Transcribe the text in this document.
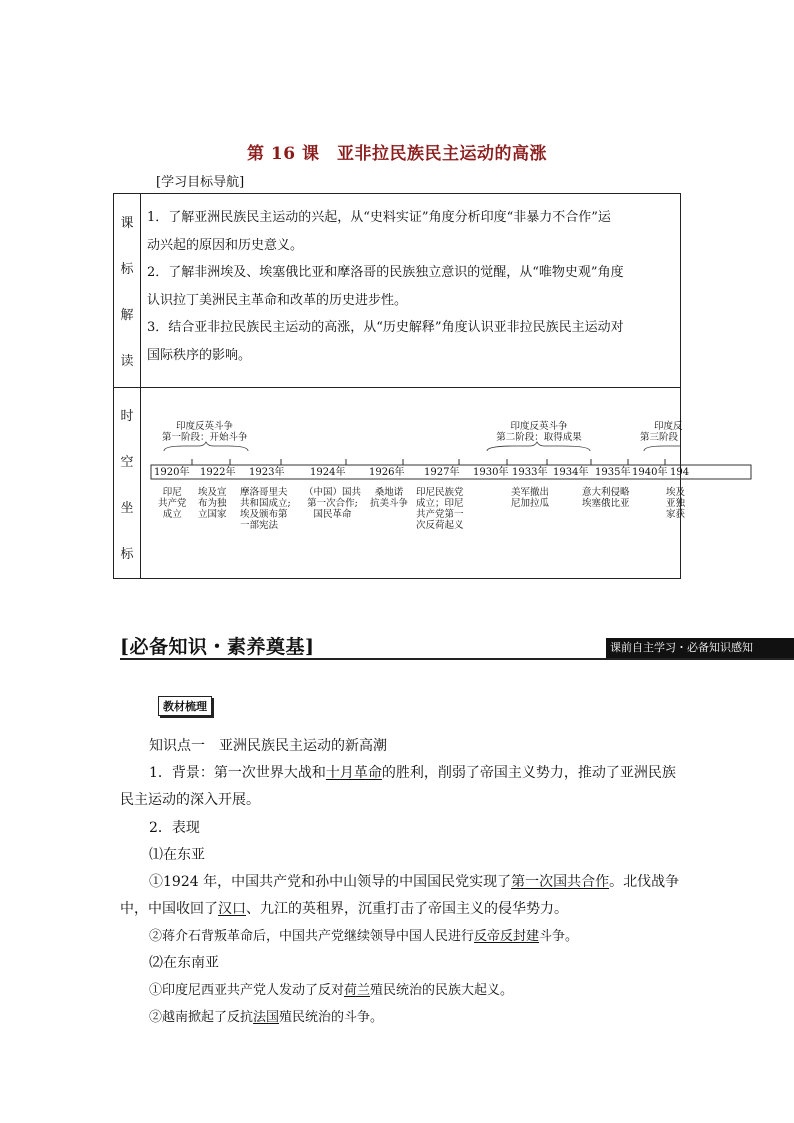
第 16 课　亚非拉民族民主运动的高涨
[学习目标导航]
课
标
解
读

1．了解亚洲民族民主运动的兴起，从“史料实证”角度分析印度“非暴力不合作”运

动兴起的原因和历史意义。

2．了解非洲埃及、埃塞俄比亚和摩洛哥的民族独立意识的觉醒，从“唯物史观”角度

认识拉丁美洲民主革命和改革的历史进步性。

3．结合亚非拉民族民主运动的高涨，从“历史解释”角度认识亚非拉民族民主运动对

国际秩序的影响。

时
空
坐
标
印度反英斗争
第一阶段：开始斗争
印度反英斗争
第二阶段：取得成果
印度反
第三阶段
1920年 1922年 1923年	1924年 1926年 1927年 1930年 1933年 1934年 1935年 1940年 194
印尼
共产党
成立
埃及宣
布为独
立国家
摩洛哥里夫
共和国成立;
埃及颁布第
一部宪法
（中国）国共
第一次合作;
国民革命
桑地诺
抗美斗争
印尼民族党
成立；印尼
共产党第一
次反荷起义
美军撤出
尼加拉瓜
意大利侵略
埃塞俄比亚
埃及
亚独
家获
[必备知识・素养奠基]	课前自主学习・必备知识感知
教材梳理
知识点一　亚洲民族民主运动的新高潮
1．背景：第一次世界大战和十月革命的胜利，削弱了帝国主义势力，推动了亚洲民族
民主运动的深入开展。
2．表现
⑴在东亚
①1924 年，中国共产党和孙中山领导的中国国民党实现了第一次国共合作。北伐战争
中，中国收回了汉口、九江的英租界，沉重打击了帝国主义的侵华势力。
②蒋介石背叛革命后，中国共产党继续领导中国人民进行反帝反封建斗争。
⑵在东南亚
①印度尼西亚共产党人发动了反对荷兰殖民统治的民族大起义。
②越南掀起了反抗法国殖民统治的斗争。
